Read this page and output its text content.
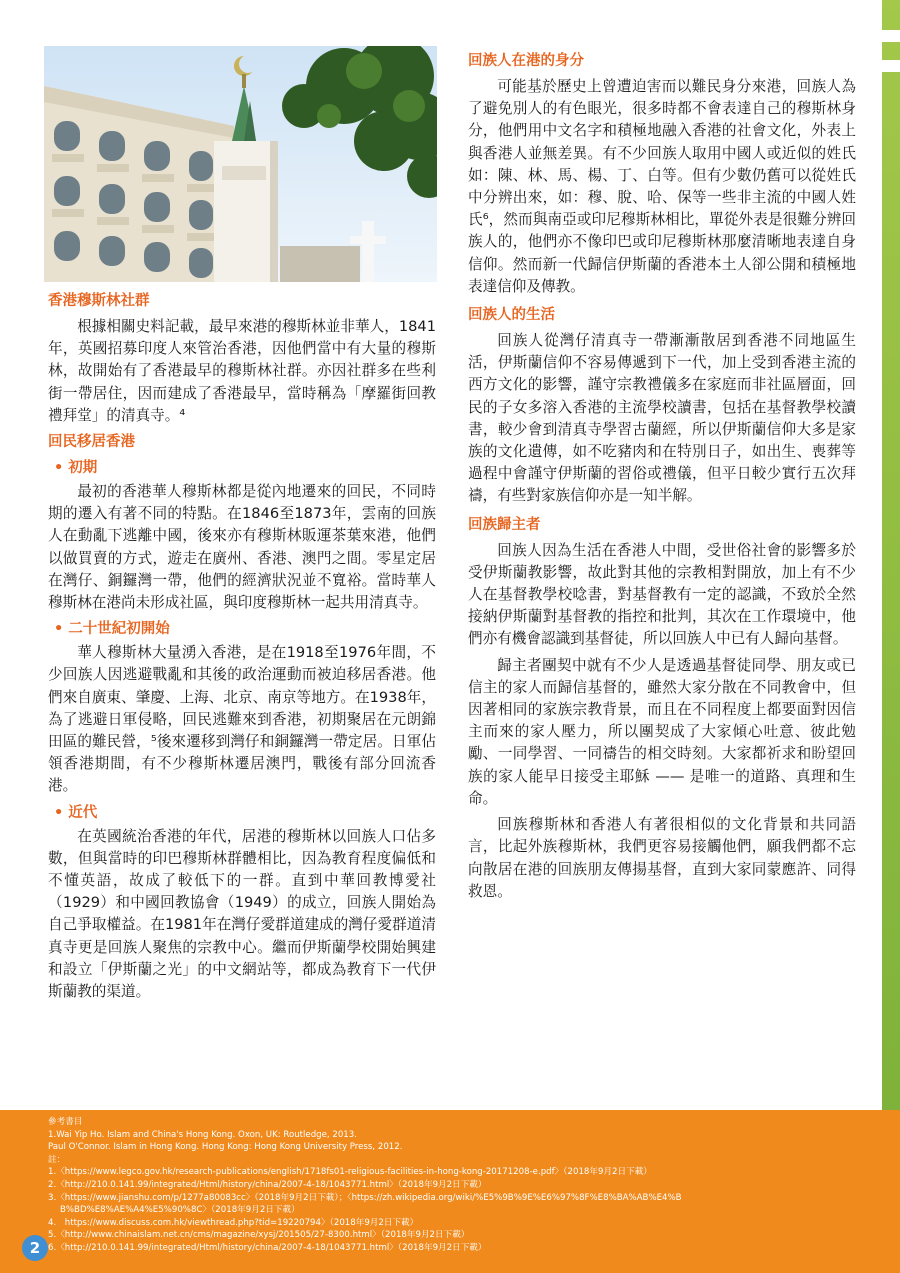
香港穆斯林社群

根據相關史料記載，最早來港的穆斯林並非華人，1841年，英國招募印度人來管治香港，因他們當中有大量的穆斯林，故開始有了香港最早的穆斯林社群。亦因社群多在些利街一帶居住，因而建成了香港最早，當時稱為「摩羅街回教禮拜堂」的清真寺。⁴

回民移居香港
• 初期

最初的香港華人穆斯林都是從內地遷來的回民，不同時期的遷入有著不同的特點。在1846至1873年，雲南的回族人在動亂下逃離中國，後來亦有穆斯林販運茶葉來港，他們以做買賣的方式，遊走在廣州、香港、澳門之間。零星定居在灣仔、銅鑼灣一帶，他們的經濟狀況並不寬裕。當時華人穆斯林在港尚未形成社區，與印度穆斯林一起共用清真寺。

• 二十世紀初開始

華人穆斯林大量湧入香港，是在1918至1976年間，不少回族人因逃避戰亂和其後的政治運動而被迫移居香港。他們來自廣東、肇慶、上海、北京、南京等地方。在1938年，為了逃避日軍侵略，回民逃難來到香港，初期聚居在元朗錦田區的難民營，⁵後來遷移到灣仔和銅鑼灣一帶定居。日軍佔領香港期間，有不少穆斯林遷居澳門，戰後有部分回流香港。

• 近代

在英國統治香港的年代，居港的穆斯林以回族人口佔多數，但與當時的印巴穆斯林群體相比，因為教育程度偏低和不懂英語，故成了較低下的一群。直到中華回教博愛社（1929）和中國回教協會（1949）的成立，回族人開始為自己爭取權益。在1981年在灣仔愛群道建成的灣仔愛群道清真寺更是回族人聚焦的宗教中心。繼而伊斯蘭學校開始興建和設立「伊斯蘭之光」的中文網站等，都成為教育下一代伊斯蘭教的渠道。

回族人在港的身分

可能基於歷史上曾遭迫害而以難民身分來港，回族人為了避免別人的有色眼光，很多時都不會表達自己的穆斯林身分，他們用中文名字和積極地融入香港的社會文化，外表上與香港人並無差異。有不少回族人取用中國人或近似的姓氏如：陳、林、馬、楊、丁、白等。但有少數仍舊可以從姓氏中分辨出來，如：穆、脫、哈、保等一些非主流的中國人姓氏⁶，然而與南亞或印尼穆斯林相比，單從外表是很難分辨回族人的，他們亦不像印巴或印尼穆斯林那麼清晰地表達自身信仰。然而新一代歸信伊斯蘭的香港本土人卻公開和積極地表達信仰及傳教。

回族人的生活

回族人從灣仔清真寺一帶漸漸散居到香港不同地區生活，伊斯蘭信仰不容易傳遞到下一代，加上受到香港主流的西方文化的影響，謹守宗教禮儀多在家庭而非社區層面，回民的子女多溶入香港的主流學校讀書，包括在基督教學校讀書，較少會到清真寺學習古蘭經，所以伊斯蘭信仰大多是家族的文化遺傳，如不吃豬肉和在特別日子，如出生、喪葬等過程中會謹守伊斯蘭的習俗或禮儀，但平日較少實行五次拜禱，有些對家族信仰亦是一知半解。

回族歸主者

回族人因為生活在香港人中間，受世俗社會的影響多於受伊斯蘭教影響，故此對其他的宗教相對開放，加上有不少人在基督教學校唸書，對基督教有一定的認識，不致於全然接納伊斯蘭對基督教的指控和批判，其次在工作環境中，他們亦有機會認識到基督徒，所以回族人中已有人歸向基督。

歸主者團契中就有不少人是透過基督徒同學、朋友或已信主的家人而歸信基督的，雖然大家分散在不同教會中，但因著相同的家族宗教背景，而且在不同程度上都要面對因信主而來的家人壓力，所以團契成了大家傾心吐意、彼此勉勵、一同學習、一同禱告的相交時刻。大家都祈求和盼望回族的家人能早日接受主耶穌 —— 是唯一的道路、真理和生命。

回族穆斯林和香港人有著很相似的文化背景和共同語言，比起外族穆斯林，我們更容易接觸他們，願我們都不忘向散居在港的回族朋友傳揚基督，直到大家同蒙應許、同得救恩。

參考書目
1.Wai Yip Ho. Islam and China's Hong Kong. Oxon, UK: Routledge, 2013.
Paul O'Connor. Islam in Hong Kong. Hong Kong: Hong Kong University Press, 2012.
註：
1.〈https://www.legco.gov.hk/research-publications/english/1718fs01-religious-facilities-in-hong-kong-20171208-e.pdf〉（2018年9月2日下載）
2.〈http://210.0.141.99/integrated/Html/history/china/2007-4-18/1043771.html〉（2018年9月2日下載）
3.〈https://www.jianshu.com/p/1277a80083cc〉（2018年9月2日下載）；〈https://zh.wikipedia.org/wiki/%E5%9B%9E%E6%97%8F%E8%BA%AB%E4%B
B%BD%E8%AE%A4%E5%90%8C〉（2018年9月2日下載）
4.　https://www.discuss.com.hk/viewthread.php?tid=19220794〉（2018年9月2日下載）
5.〈http://www.chinaislam.net.cn/cms/magazine/xysj/201505/27-8300.html〉（2018年9月2日下載）
6.〈http://210.0.141.99/integrated/Html/history/china/2007-4-18/1043771.html〉（2018年9月2日下載）
2
